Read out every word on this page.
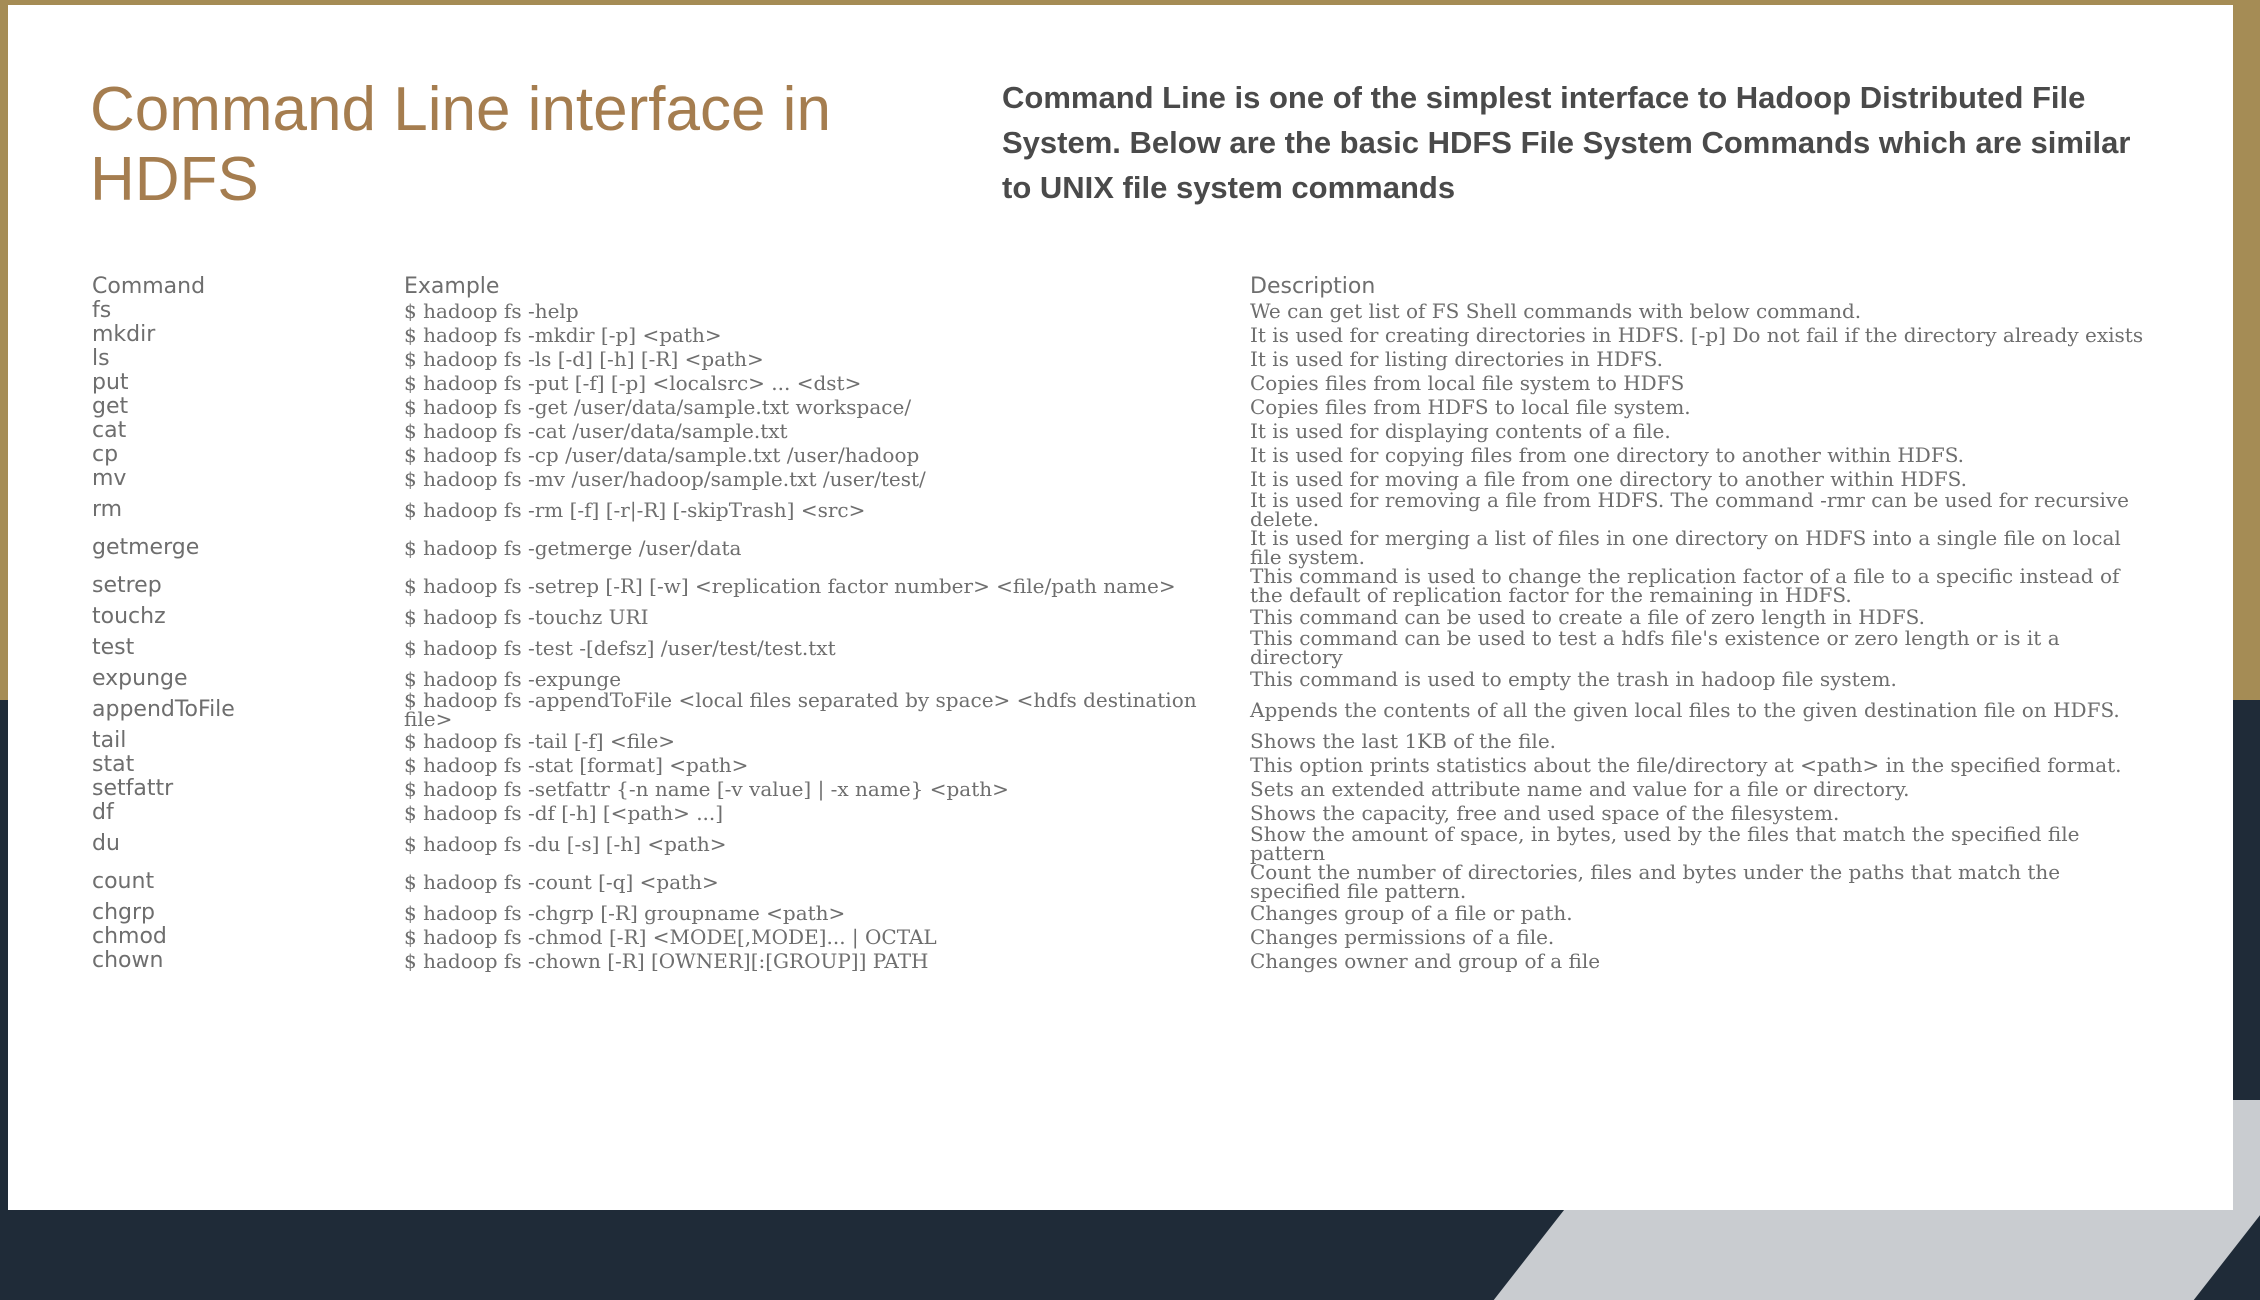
Command Line interface in HDFS
Command Line is one of the simplest interface to Hadoop Distributed File System. Below are the basic HDFS File System Commands which are similar to UNIX file system commands
Command	Example	Description
fs	$ hadoop fs -help	We can get list of FS Shell commands with below command.
mkdir	$ hadoop fs -mkdir [-p] <path>	It is used for creating directories in HDFS. [-p] Do not fail if the directory already exists
ls	$ hadoop fs -ls [-d] [-h] [-R] <path>	It is used for listing directories in HDFS.
put	$ hadoop fs -put [-f] [-p] <localsrc> ... <dst>	Copies files from local file system to HDFS
get	$ hadoop fs -get /user/data/sample.txt workspace/	Copies files from HDFS to local file system.
cat	$ hadoop fs -cat /user/data/sample.txt	It is used for displaying contents of a file.
cp	$ hadoop fs -cp /user/data/sample.txt /user/hadoop	It is used for copying files from one directory to another within HDFS.
mv	$ hadoop fs -mv /user/hadoop/sample.txt /user/test/	It is used for moving a file from one directory to another within HDFS.
rm	$ hadoop fs -rm [-f] [-r|-R] [-skipTrash] <src>	It is used for removing a file from HDFS. The command -rmr can be used for recursive delete.
getmerge	$ hadoop fs -getmerge /user/data	It is used for merging a list of files in one directory on HDFS into a single file on local file system.
setrep	$ hadoop fs -setrep [-R] [-w] <replication factor number> <file/path name>	This command is used to change the replication factor of a file to a specific instead of the default of replication factor for the remaining in HDFS.
touchz	$ hadoop fs -touchz URI	This command can be used to create a file of zero length in HDFS.
test	$ hadoop fs -test -[defsz] /user/test/test.txt	This command can be used to test a hdfs file's existence or zero length or is it a directory
expunge	$ hadoop fs -expunge	This command is used to empty the trash in hadoop file system.
appendToFile	$ hadoop fs -appendToFile <local files separated by space> <hdfs destination file>	Appends the contents of all the given local files to the given destination file on HDFS.
tail	$ hadoop fs -tail [-f] <file>	Shows the last 1KB of the file.
stat	$ hadoop fs -stat [format] <path>	This option prints statistics about the file/directory at <path> in the specified format.
setfattr	$ hadoop fs -setfattr {-n name [-v value] | -x name} <path>	Sets an extended attribute name and value for a file or directory.
df	$ hadoop fs -df [-h] [<path> ...]	Shows the capacity, free and used space of the filesystem.
du	$ hadoop fs -du [-s] [-h] <path>	Show the amount of space, in bytes, used by the files that match the specified file pattern
count	$ hadoop fs -count [-q] <path>	Count the number of directories, files and bytes under the paths that match the specified file pattern.
chgrp	$ hadoop fs -chgrp [-R] groupname <path>	Changes group of a file or path.
chmod	$ hadoop fs -chmod [-R] <MODE[,MODE]... | OCTAL	Changes permissions of a file.
chown	$ hadoop fs -chown [-R] [OWNER][:[GROUP]] PATH	Changes owner and group of a file
